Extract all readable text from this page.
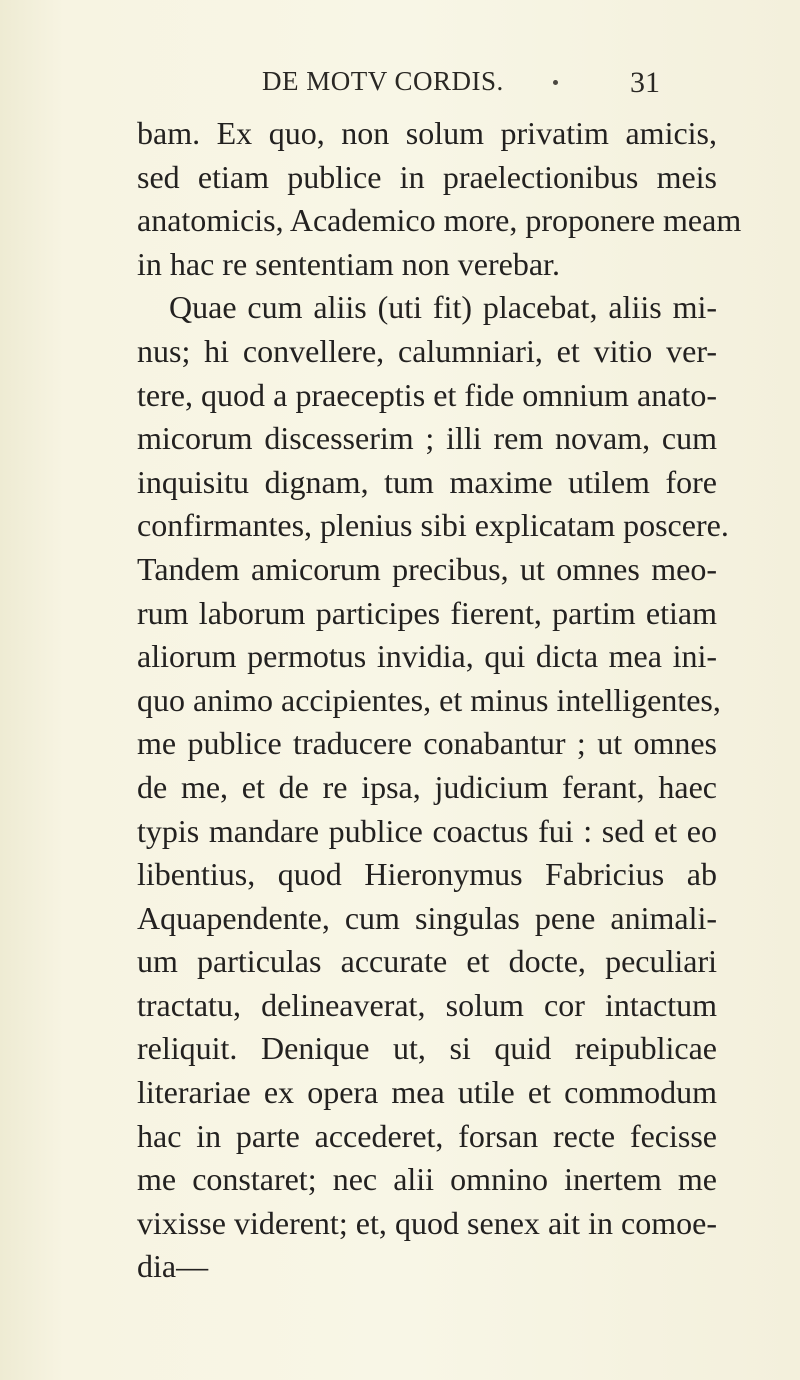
DE MOTV CORDIS.	31
bam. Ex quo, non solum privatim amicis,
sed etiam publice in praelectionibus meis
anatomicis, Academico more, proponere meam
in hac re sententiam non verebar.
Quae cum aliis (uti fit) placebat, aliis mi-
nus; hi convellere, calumniari, et vitio ver-
tere, quod a praeceptis et fide omnium anato-
micorum discesserim ; illi rem novam, cum
inquisitu dignam, tum maxime utilem fore
confirmantes, plenius sibi explicatam poscere.
Tandem amicorum precibus, ut omnes meo-
rum laborum participes fierent, partim etiam
aliorum permotus invidia, qui dicta mea ini-
quo animo accipientes, et minus intelligentes,
me publice traducere conabantur ; ut omnes
de me, et de re ipsa, judicium ferant, haec
typis mandare publice coactus fui : sed et eo
libentius, quod Hieronymus Fabricius ab
Aquapendente, cum singulas pene animali-
um particulas accurate et docte, peculiari
tractatu, delineaverat, solum cor intactum
reliquit. Denique ut, si quid reipublicae
literariae ex opera mea utile et commodum
hac in parte accederet, forsan recte fecisse
me constaret; nec alii omnino inertem me
vixisse viderent; et, quod senex ait in comoe-
dia—
